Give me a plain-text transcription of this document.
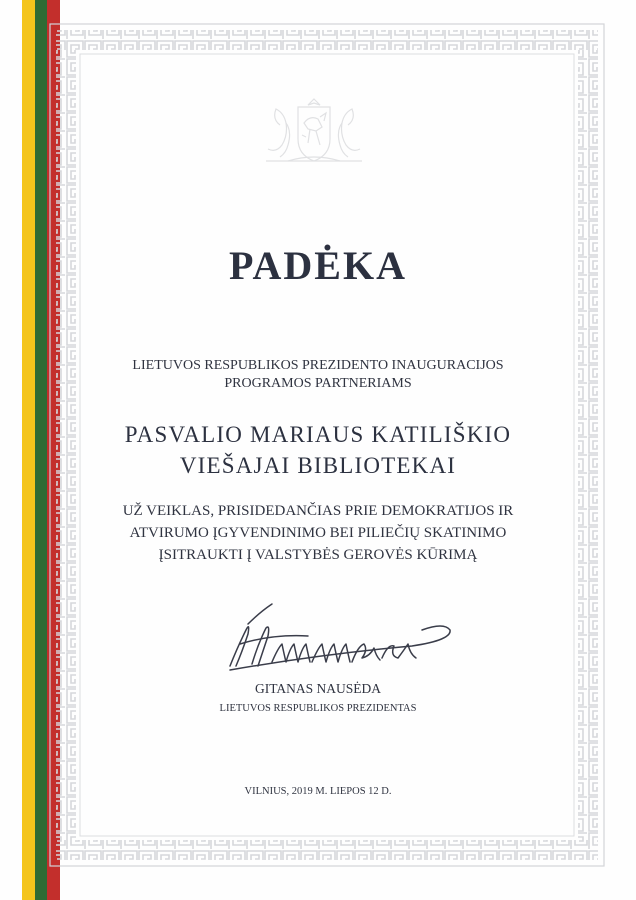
PADĖKA
LIETUVOS RESPUBLIKOS PREZIDENTO INAUGURACIJOS
PROGRAMOS PARTNERIAMS
PASVALIO MARIAUS KATILIŠKIO
VIEŠAJAI BIBLIOTEKAI
UŽ VEIKLAS, PRISIDEDANČIAS PRIE DEMOKRATIJOS IR
ATVIRUMO ĮGYVENDINIMO BEI PILIEČIŲ SKATINIMO
ĮSITRAUKTI Į VALSTYBĖS GEROVĖS KŪRIMĄ
GITANAS NAUSĖDA
LIETUVOS RESPUBLIKOS PREZIDENTAS
VILNIUS, 2019 M. LIEPOS 12 D.
